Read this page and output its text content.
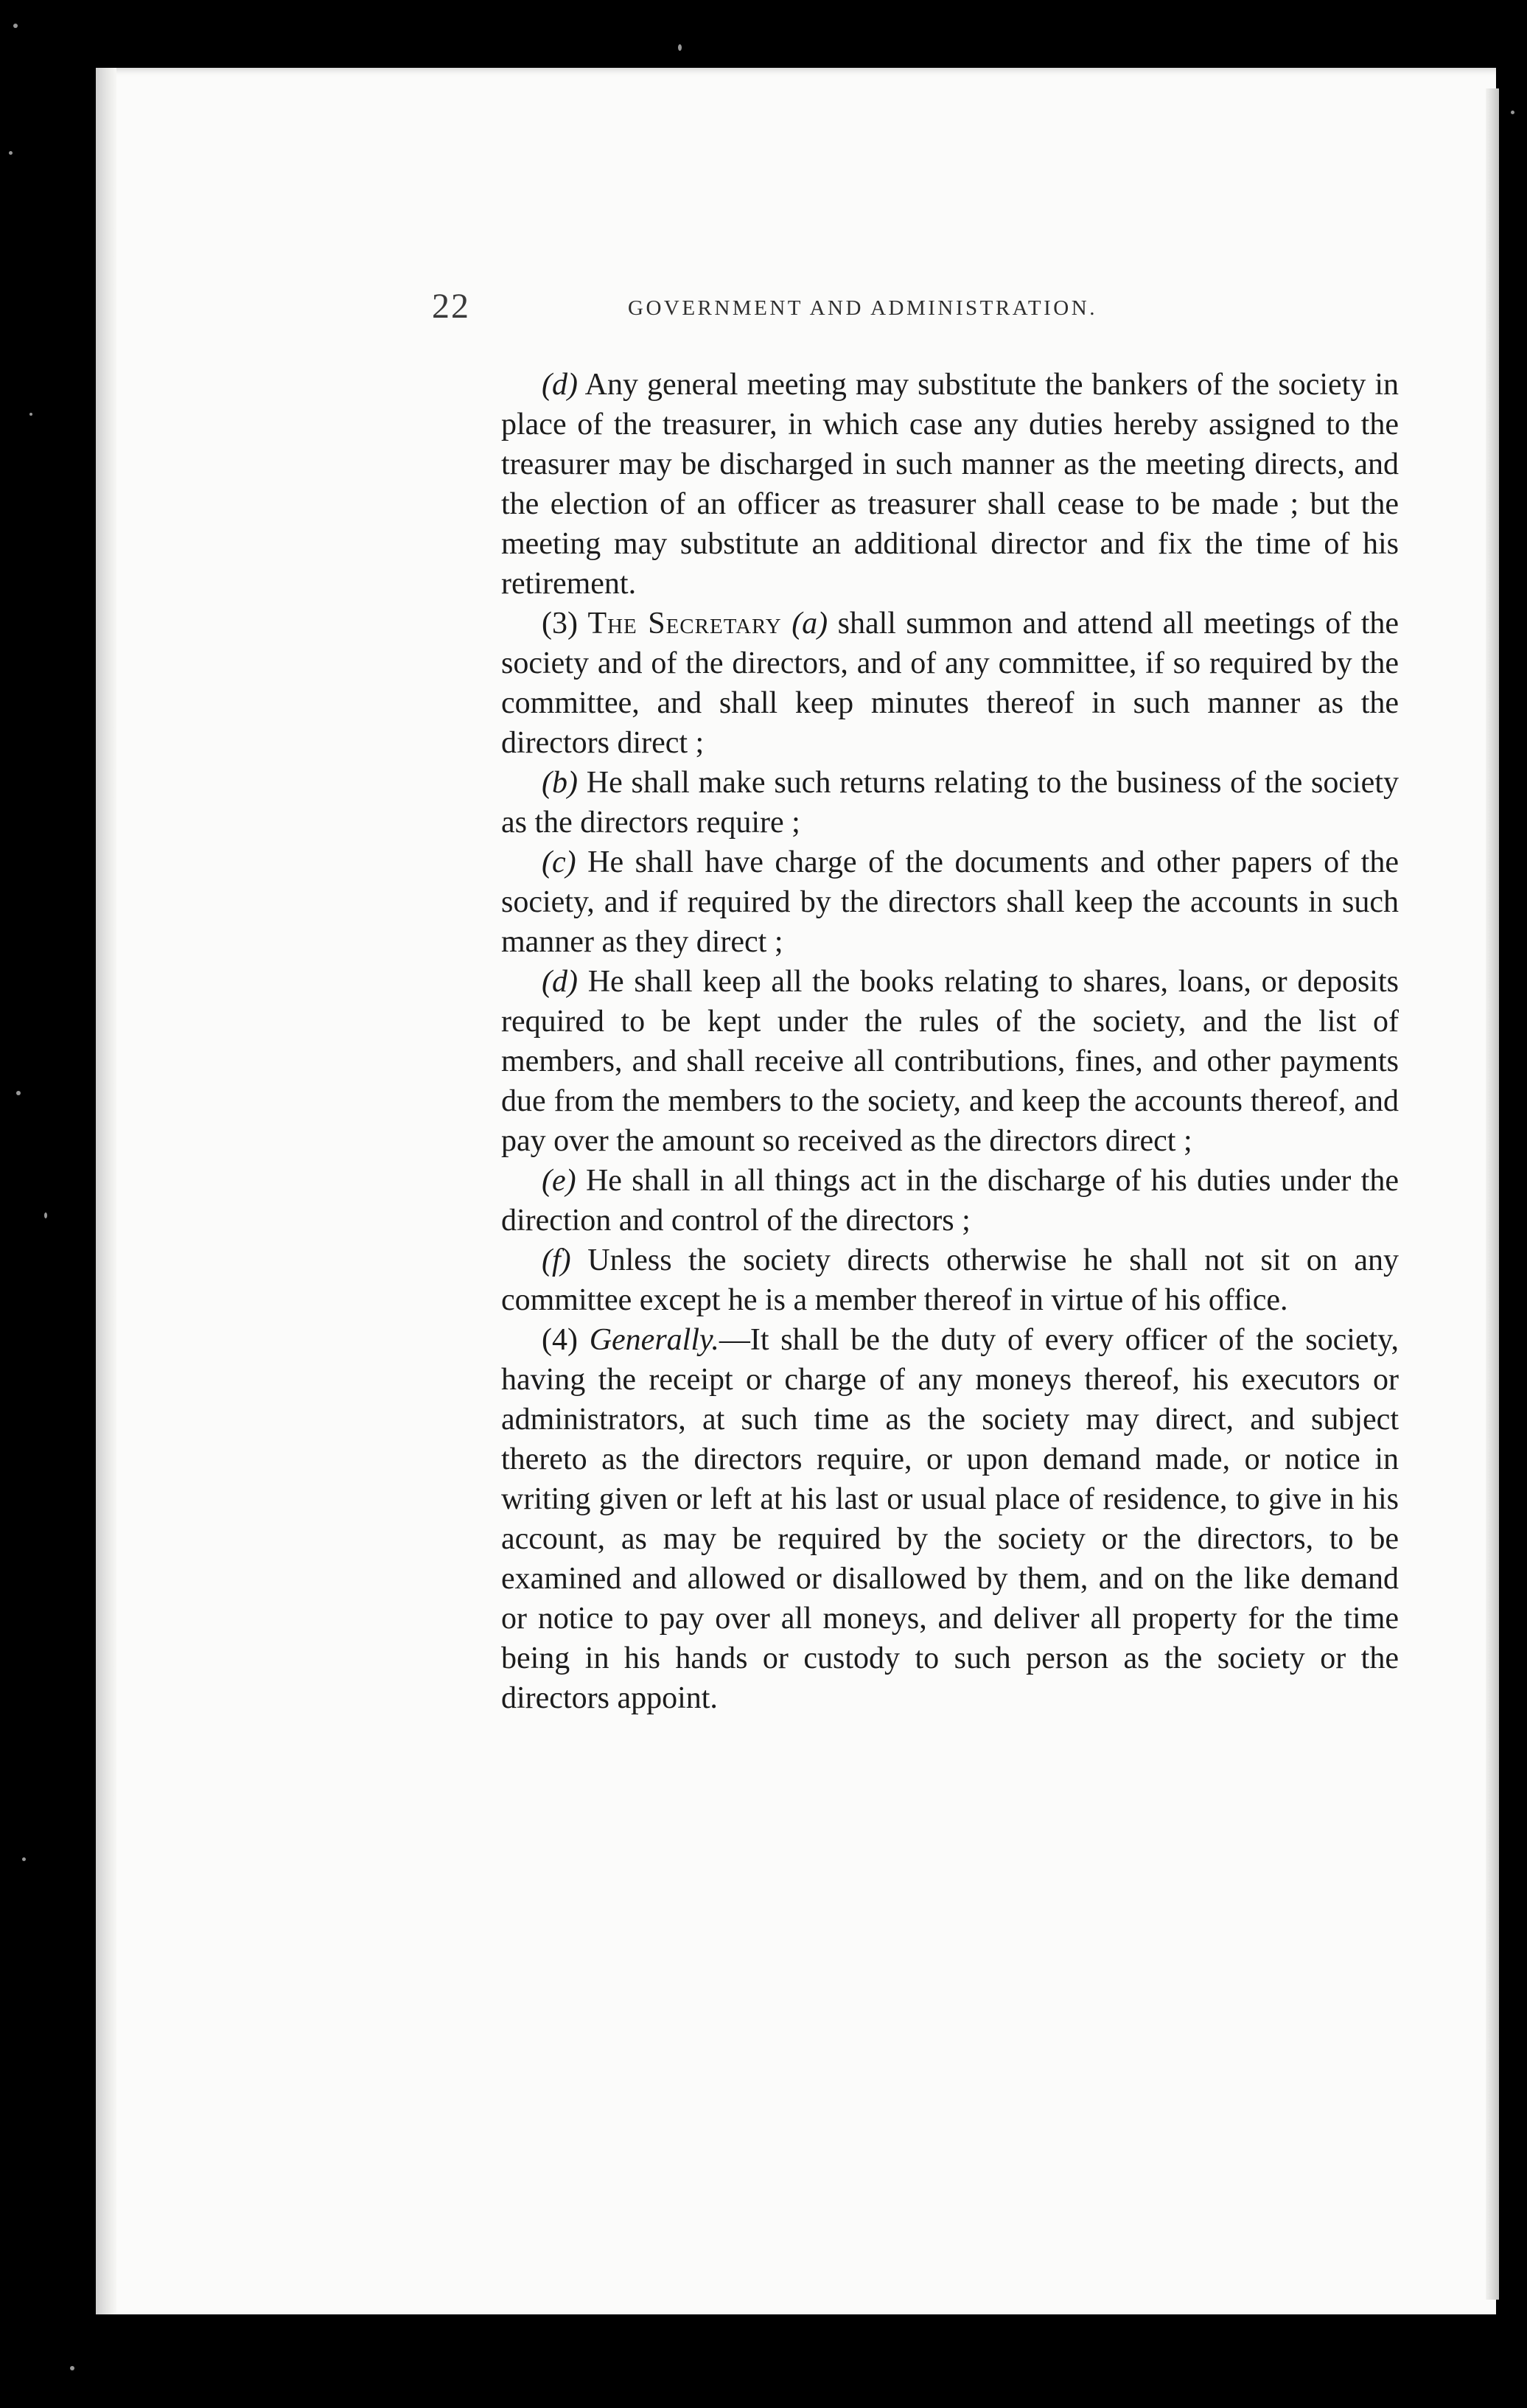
22	GOVERNMENT AND ADMINISTRATION.

(d) Any general meeting may substitute the bankers of the society in place of the treasurer, in which case any duties hereby assigned to the treasurer may be discharged in such manner as the meeting directs, and the election of an officer as treasurer shall cease to be made ; but the meeting may substitute an additional director and fix the time of his retirement.

(3) The Secretary (a) shall summon and attend all meetings of the society and of the directors, and of any committee, if so required by the committee, and shall keep minutes thereof in such manner as the directors direct ;

(b) He shall make such returns relating to the business of the society as the directors require ;

(c) He shall have charge of the documents and other papers of the society, and if required by the directors shall keep the accounts in such manner as they direct ;

(d) He shall keep all the books relating to shares, loans, or deposits required to be kept under the rules of the society, and the list of members, and shall receive all contributions, fines, and other payments due from the members to the society, and keep the accounts thereof, and pay over the amount so received as the directors direct ;

(e) He shall in all things act in the discharge of his duties under the direction and control of the directors ;

(f) Unless the society directs otherwise he shall not sit on any committee except he is a member thereof in virtue of his office.

(4) Generally.—It shall be the duty of every officer of the society, having the receipt or charge of any moneys thereof, his executors or administrators, at such time as the society may direct, and subject thereto as the directors require, or upon demand made, or notice in writing given or left at his last or usual place of residence, to give in his account, as may be required by the society or the directors, to be examined and allowed or disallowed by them, and on the like demand or notice to pay over all moneys, and deliver all property for the time being in his hands or custody to such person as the society or the directors appoint.
